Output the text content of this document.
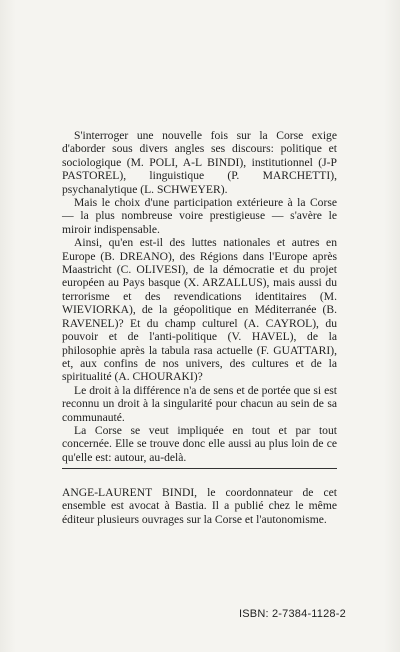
S'interroger une nouvelle fois sur la Corse exige d'aborder sous divers angles ses discours: politique et sociologique (M. POLI, A-L BINDI), institutionnel (J-P PASTOREL), linguistique (P. MARCHETTI), psychanalytique (L. SCHWEYER).

Mais le choix d'une participation extérieure à la Corse — la plus nombreuse voire prestigieuse — s'avère le miroir indispensable.

Ainsi, qu'en est-il des luttes nationales et autres en Europe (B. DREANO), des Régions dans l'Europe après Maastricht (C. OLIVESI), de la démocratie et du projet européen au Pays basque (X. ARZALLUS), mais aussi du terrorisme et des revendications identitaires (M. WIEVIORKA), de la géopolitique en Méditerranée (B. RAVENEL)? Et du champ culturel (A. CAYROL), du pouvoir et de l'anti-politique (V. HAVEL), de la philosophie après la tabula rasa actuelle (F. GUATTARI), et, aux confins de nos univers, des cultures et de la spiritualité (A. CHOURAKI)?

Le droit à la différence n'a de sens et de portée que si est reconnu un droit à la singularité pour chacun au sein de sa communauté.

La Corse se veut impliquée en tout et par tout concernée. Elle se trouve donc elle aussi au plus loin de ce qu'elle est: autour, au-delà.

ANGE-LAURENT BINDI, le coordonnateur de cet ensemble est avocat à Bastia. Il a publié chez le même éditeur plusieurs ouvrages sur la Corse et l'autonomisme.

ISBN: 2-7384-1128-2
